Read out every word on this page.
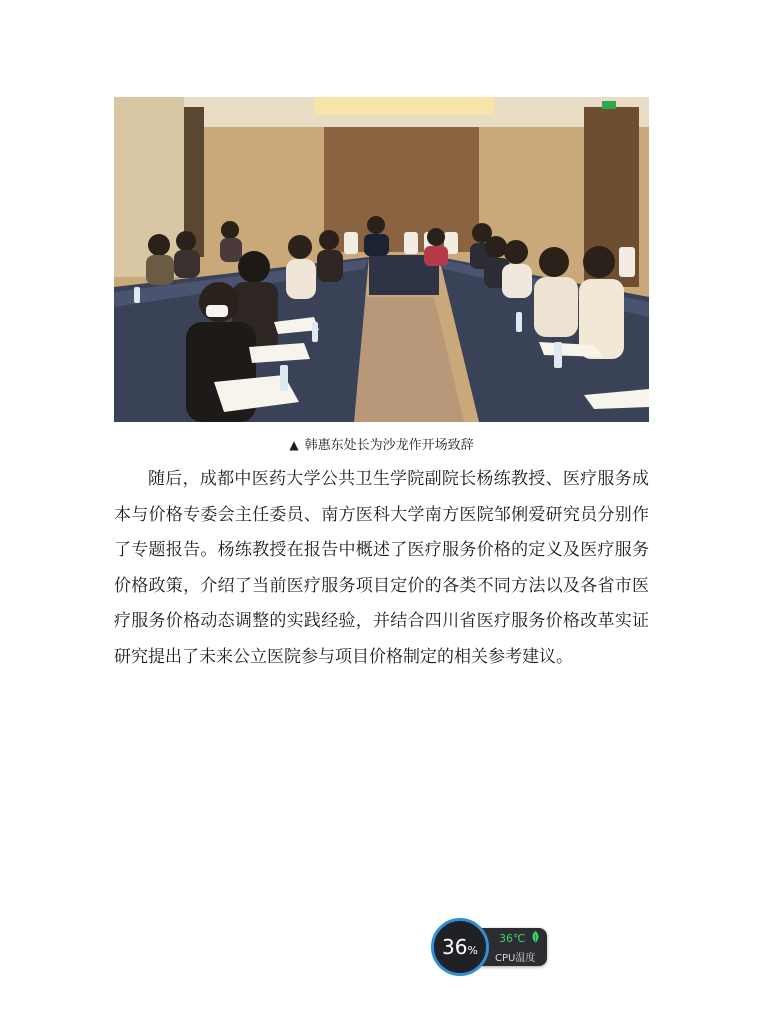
▲ 韩惠东处长为沙龙作开场致辞

随后，成都中医药大学公共卫生学院副院长杨练教授、医疗服务成本与价格专委会主任委员、南方医科大学南方医院邹俐爱研究员分别作了专题报告。杨练教授在报告中概述了医疗服务价格的定义及医疗服务价格政策，介绍了当前医疗服务项目定价的各类不同方法以及各省市医疗服务价格动态调整的实践经验，并结合四川省医疗服务价格改革实证研究提出了未来公立医院参与项目价格制定的相关参考建议。

36 %
36℃
CPU温度
